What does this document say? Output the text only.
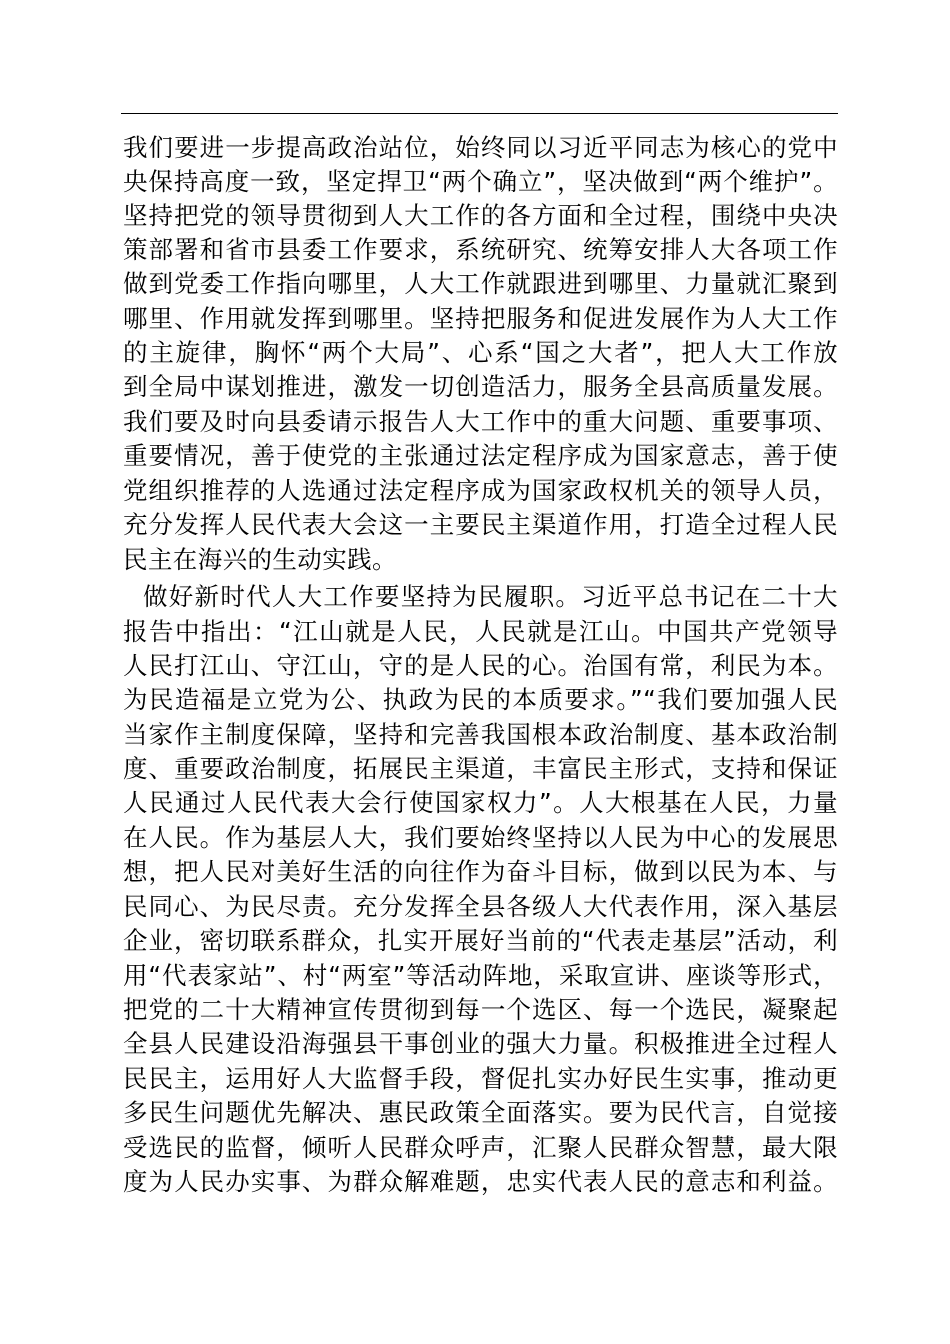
我们要进一步提高政治站位，始终同以习近平同志为核心的党中
央保持高度一致，坚定捍卫“两个确立”，坚决做到“两个维护”。
坚持把党的领导贯彻到人大工作的各方面和全过程，围绕中央决
策部署和省市县委工作要求，系统研究、统筹安排人大各项工作
做到党委工作指向哪里，人大工作就跟进到哪里、力量就汇聚到
哪里、作用就发挥到哪里。坚持把服务和促进发展作为人大工作
的主旋律，胸怀“两个大局”、心系“国之大者”，把人大工作放
到全局中谋划推进，激发一切创造活力，服务全县高质量发展。
我们要及时向县委请示报告人大工作中的重大问题、重要事项、
重要情况，善于使党的主张通过法定程序成为国家意志，善于使
党组织推荐的人选通过法定程序成为国家政权机关的领导人员，
充分发挥人民代表大会这一主要民主渠道作用，打造全过程人民
民主在海兴的生动实践。
做好新时代人大工作要坚持为民履职。习近平总书记在二十大
报告中指出：“江山就是人民，人民就是江山。中国共产党领导
人民打江山、守江山，守的是人民的心。治国有常，利民为本。
为民造福是立党为公、执政为民的本质要求。”“我们要加强人民
当家作主制度保障，坚持和完善我国根本政治制度、基本政治制
度、重要政治制度，拓展民主渠道，丰富民主形式，支持和保证
人民通过人民代表大会行使国家权力”。人大根基在人民，力量
在人民。作为基层人大，我们要始终坚持以人民为中心的发展思
想，把人民对美好生活的向往作为奋斗目标，做到以民为本、与
民同心、为民尽责。充分发挥全县各级人大代表作用，深入基层
企业，密切联系群众，扎实开展好当前的“代表走基层”活动，利
用“代表家站”、村“两室”等活动阵地，采取宣讲、座谈等形式，
把党的二十大精神宣传贯彻到每一个选区、每一个选民，凝聚起
全县人民建设沿海强县干事创业的强大力量。积极推进全过程人
民民主，运用好人大监督手段，督促扎实办好民生实事，推动更
多民生问题优先解决、惠民政策全面落实。要为民代言，自觉接
受选民的监督，倾听人民群众呼声，汇聚人民群众智慧，最大限
度为人民办实事、为群众解难题，忠实代表人民的意志和利益。
